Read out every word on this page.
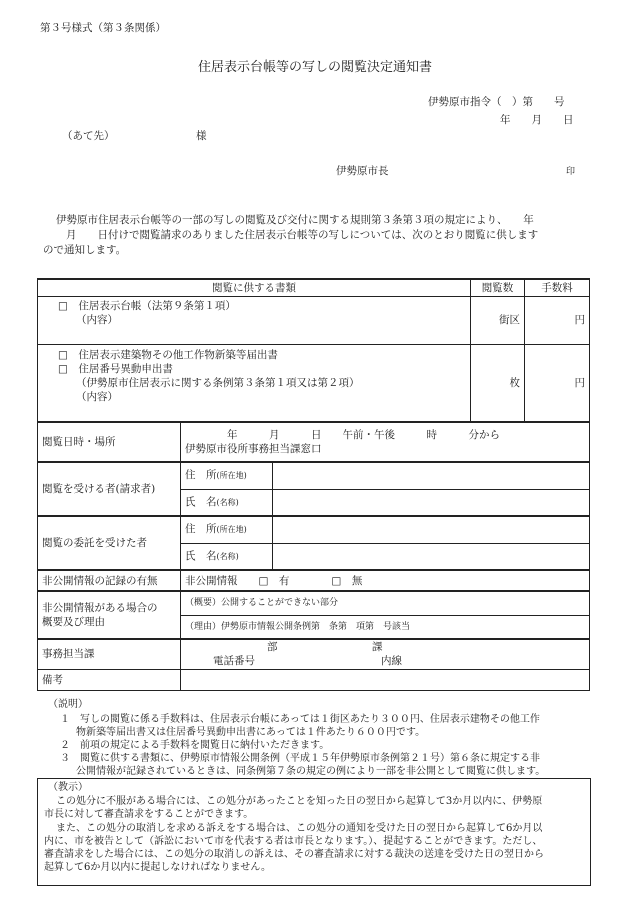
第３号様式（第３条関係）
住居表示台帳等の写しの閲覧決定通知書
伊勢原市指令（　）第　　号
年　　月　　日
（あて先）	様
伊勢原市長	印
伊勢原市住居表示台帳等の一部の写しの閲覧及び交付に関する規則第３条第３項の規定により、　　年
月　　日付けで閲覧請求のありました住居表示台帳等の写しについては、次のとおり閲覧に供します
ので通知します。
閲覧に供する書類			閲覧数	手数料

□　住居表示台帳（法第９条第１項）
（内容）			街区	円

□　住居表示建築物その他工作物新築等届出書
□　住居番号異動申出書
（伊勢原市住居表示に関する条例第３条第１項又は第２項）
（内容）			枚	円
閲覧日時・場所	年　　　月　　　日　　午前・午後　　　時　　　分から
伊勢原市役所事務担当課窓口			

閲覧を受ける者(請求者)	住　所(所在地)			
	氏　名(名称)			
閲覧の委託を受けた者	住　所(所在地)			
	氏　名(名称)			
非公開情報の記録の有無	非公開情報　　□　有　　　　□　無			

非公開情報がある場合の
概要及び理由	（概要）公開することができない部分			
	（理由）伊勢原市情報公開条例第　条第　項第　号該当			
事務担当課	部　　　　　　　　　課
電話番号　　　　　　　　　　　　内線			

備考				

（説明）

１　写しの閲覧に係る手数料は、住居表示台帳にあっては１街区あたり３００円、住居表示建物その他工作

物新築等届出書又は住居番号異動申出書にあっては１件あたり６００円です。

２　前項の規定による手数料を閲覧日に納付いただきます。

３　閲覧に供する書類に、伊勢原市情報公開条例（平成１５年伊勢原市条例第２１号）第６条に規定する非

公開情報が記録されているときは、同条例第７条の規定の例により一部を非公開として閲覧に供します。

（教示）

この処分に不服がある場合には、この処分があったことを知った日の翌日から起算して3か月以内に、伊勢原

市長に対して審査請求をすることができます。

また、この処分の取消しを求める訴えをする場合は、この処分の通知を受けた日の翌日から起算して6か月以

内に、市を被告として（訴訟において市を代表する者は市長となります。）、提起することができます。ただし、

審査請求をした場合には、この処分の取消しの訴えは、その審査請求に対する裁決の送達を受けた日の翌日から

起算して6か月以内に提起しなければなりません。
